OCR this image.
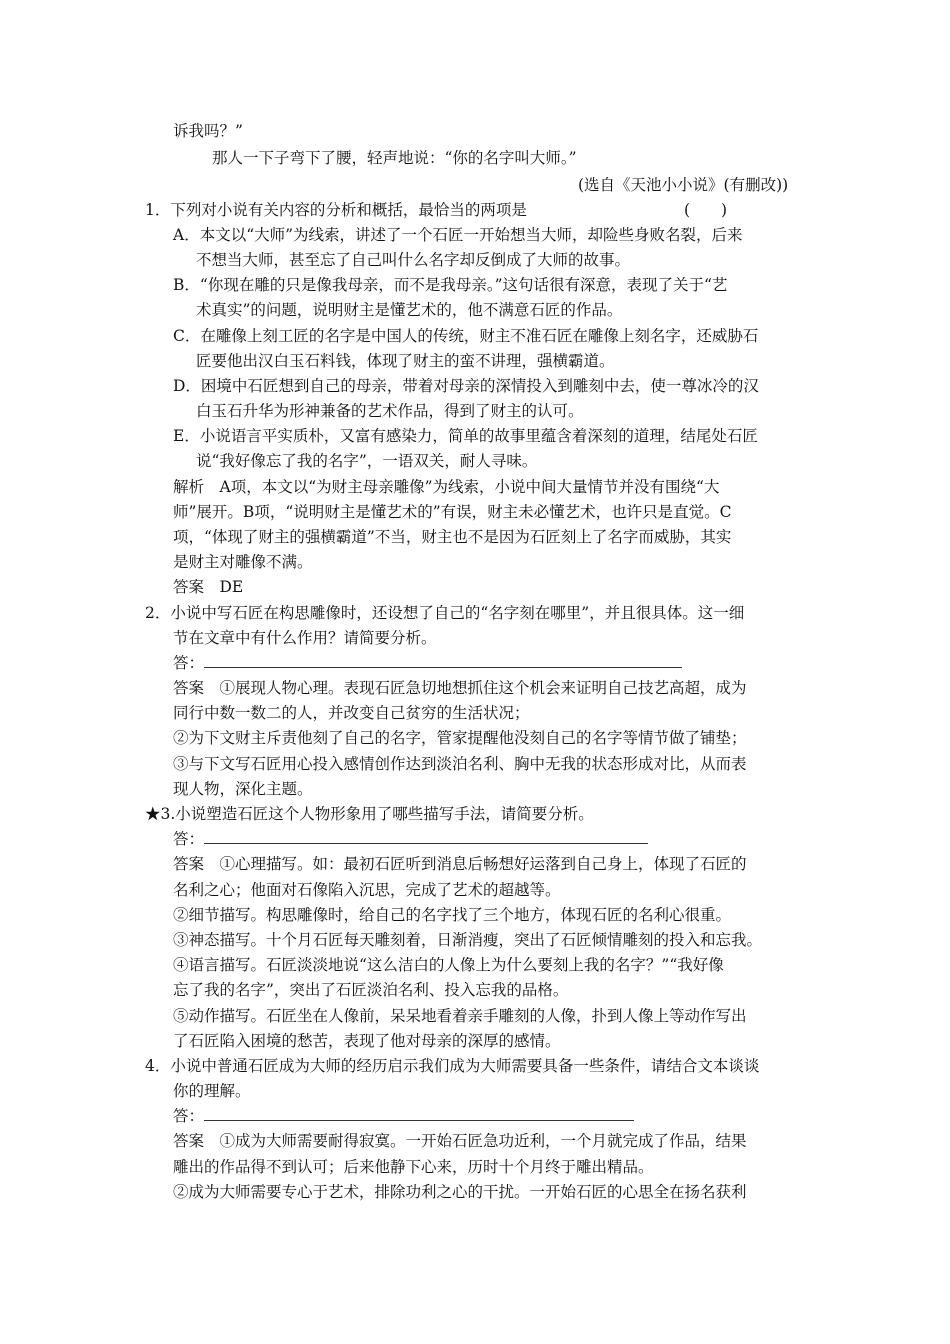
诉我吗？”
那人一下子弯下了腰，轻声地说：“你的名字叫大师。”
(选自《天池小小说》(有删改))
1．下列对小说有关内容的分析和概括，最恰当的两项是	(　　)
A．本文以“大师”为线索，讲述了一个石匠一开始想当大师，却险些身败名裂，后来
不想当大师，甚至忘了自己叫什么名字却反倒成了大师的故事。
B．“你现在雕的只是像我母亲，而不是我母亲。”这句话很有深意，表现了关于“艺
术真实”的问题，说明财主是懂艺术的，他不满意石匠的作品。
C．在雕像上刻工匠的名字是中国人的传统，财主不准石匠在雕像上刻名字，还威胁石
匠要他出汉白玉石料钱，体现了财主的蛮不讲理，强横霸道。
D．困境中石匠想到自己的母亲，带着对母亲的深情投入到雕刻中去，使一尊冰冷的汉
白玉石升华为形神兼备的艺术作品，得到了财主的认可。
E．小说语言平实质朴，又富有感染力，简单的故事里蕴含着深刻的道理，结尾处石匠
说“我好像忘了我的名字”，一语双关，耐人寻味。
解析　A项，本文以“为财主母亲雕像”为线索，小说中间大量情节并没有围绕“大
师”展开。B项，“说明财主是懂艺术的”有误，财主未必懂艺术，也许只是直觉。C
项，“体现了财主的强横霸道”不当，财主也不是因为石匠刻上了名字而威胁，其实
是财主对雕像不满。
答案　DE
2．小说中写石匠在构思雕像时，还设想了自己的“名字刻在哪里”，并且很具体。这一细
节在文章中有什么作用？请简要分析。
答：
答案　①展现人物心理。表现石匠急切地想抓住这个机会来证明自己技艺高超，成为
同行中数一数二的人，并改变自己贫穷的生活状况；
②为下文财主斥责他刻了自己的名字，管家提醒他没刻自己的名字等情节做了铺垫；
③与下文写石匠用心投入感情创作达到淡泊名利、胸中无我的状态形成对比，从而表
现人物，深化主题。
★3.小说塑造石匠这个人物形象用了哪些描写手法，请简要分析。
答：
答案　①心理描写。如：最初石匠听到消息后畅想好运落到自己身上，体现了石匠的
名利之心；他面对石像陷入沉思，完成了艺术的超越等。
②细节描写。构思雕像时，给自己的名字找了三个地方，体现石匠的名利心很重。
③神态描写。十个月石匠每天雕刻着，日渐消瘦，突出了石匠倾情雕刻的投入和忘我。
④语言描写。石匠淡淡地说“这么洁白的人像上为什么要刻上我的名字？”“我好像
忘了我的名字”，突出了石匠淡泊名利、投入忘我的品格。
⑤动作描写。石匠坐在人像前，呆呆地看着亲手雕刻的人像，扑到人像上等动作写出
了石匠陷入困境的愁苦，表现了他对母亲的深厚的感情。
4．小说中普通石匠成为大师的经历启示我们成为大师需要具备一些条件，请结合文本谈谈
你的理解。
答：
答案　①成为大师需要耐得寂寞。一开始石匠急功近利，一个月就完成了作品，结果
雕出的作品得不到认可；后来他静下心来，历时十个月终于雕出精品。
②成为大师需要专心于艺术，排除功利之心的干扰。一开始石匠的心思全在扬名获利
